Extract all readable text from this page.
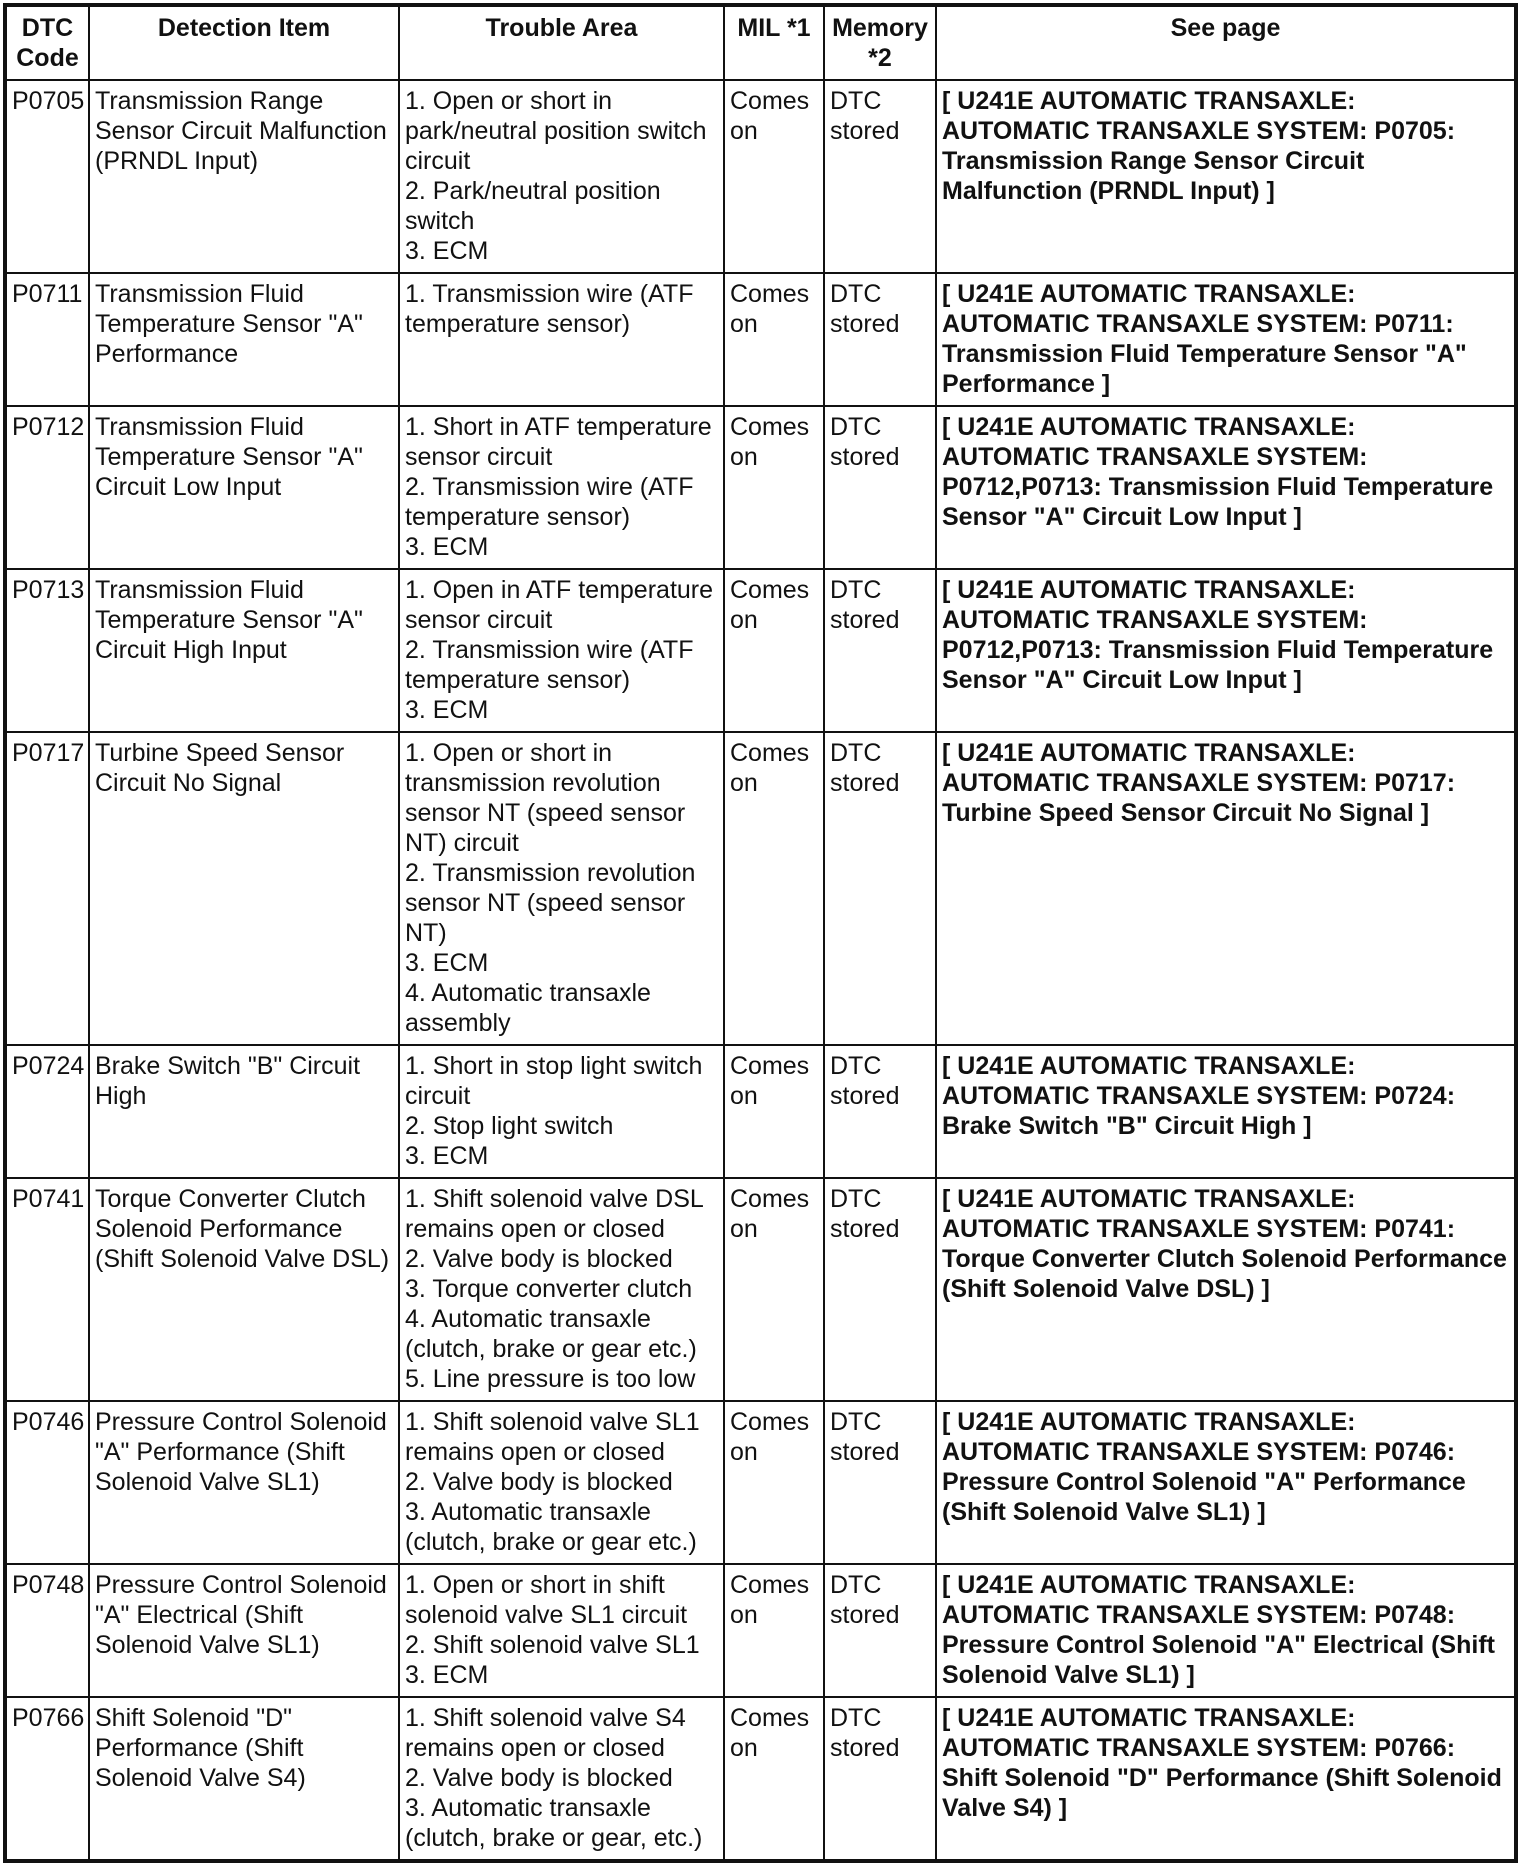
DTC
Code	Detection Item	Trouble Area	MIL *1	Memory
*2	See page
P0705	Transmission Range Sensor Circuit Malfunction (PRNDL Input)	1. Open or short in park/neutral position switch circuit
2. Park/neutral position switch
3. ECM	Comes on	DTC stored	[ U241E AUTOMATIC TRANSAXLE: AUTOMATIC TRANSAXLE SYSTEM: P0705: Transmission Range Sensor Circuit Malfunction (PRNDL Input) ]
P0711	Transmission Fluid Temperature Sensor "A" Performance	1. Transmission wire (ATF temperature sensor)	Comes on	DTC stored	[ U241E AUTOMATIC TRANSAXLE: AUTOMATIC TRANSAXLE SYSTEM: P0711: Transmission Fluid Temperature Sensor "A" Performance ]
P0712	Transmission Fluid Temperature Sensor "A" Circuit Low Input	1. Short in ATF temperature sensor circuit
2. Transmission wire (ATF temperature sensor)
3. ECM	Comes on	DTC stored	[ U241E AUTOMATIC TRANSAXLE: AUTOMATIC TRANSAXLE SYSTEM: P0712,P0713: Transmission Fluid Temperature Sensor "A" Circuit Low Input ]
P0713	Transmission Fluid Temperature Sensor "A" Circuit High Input	1. Open in ATF temperature sensor circuit
2. Transmission wire (ATF temperature sensor)
3. ECM	Comes on	DTC stored	[ U241E AUTOMATIC TRANSAXLE: AUTOMATIC TRANSAXLE SYSTEM: P0712,P0713: Transmission Fluid Temperature Sensor "A" Circuit Low Input ]
P0717	Turbine Speed Sensor Circuit No Signal	1. Open or short in transmission revolution sensor NT (speed sensor NT) circuit
2. Transmission revolution sensor NT (speed sensor NT)
3. ECM
4. Automatic transaxle assembly	Comes on	DTC stored	[ U241E AUTOMATIC TRANSAXLE: AUTOMATIC TRANSAXLE SYSTEM: P0717: Turbine Speed Sensor Circuit No Signal ]
P0724	Brake Switch "B" Circuit High	1. Short in stop light switch circuit
2. Stop light switch
3. ECM	Comes on	DTC stored	[ U241E AUTOMATIC TRANSAXLE: AUTOMATIC TRANSAXLE SYSTEM: P0724: Brake Switch "B" Circuit High ]
P0741	Torque Converter Clutch Solenoid Performance (Shift Solenoid Valve DSL)	1. Shift solenoid valve DSL remains open or closed
2. Valve body is blocked
3. Torque converter clutch
4. Automatic transaxle (clutch, brake or gear etc.)
5. Line pressure is too low	Comes on	DTC stored	[ U241E AUTOMATIC TRANSAXLE: AUTOMATIC TRANSAXLE SYSTEM: P0741: Torque Converter Clutch Solenoid Performance (Shift Solenoid Valve DSL) ]
P0746	Pressure Control Solenoid "A" Performance (Shift Solenoid Valve SL1)	1. Shift solenoid valve SL1 remains open or closed
2. Valve body is blocked
3. Automatic transaxle (clutch, brake or gear etc.)	Comes on	DTC stored	[ U241E AUTOMATIC TRANSAXLE: AUTOMATIC TRANSAXLE SYSTEM: P0746: Pressure Control Solenoid "A" Performance (Shift Solenoid Valve SL1) ]
P0748	Pressure Control Solenoid "A" Electrical (Shift Solenoid Valve SL1)	1. Open or short in shift solenoid valve SL1 circuit
2. Shift solenoid valve SL1
3. ECM	Comes on	DTC stored	[ U241E AUTOMATIC TRANSAXLE: AUTOMATIC TRANSAXLE SYSTEM: P0748: Pressure Control Solenoid "A" Electrical (Shift Solenoid Valve SL1) ]
P0766	Shift Solenoid "D" Performance (Shift Solenoid Valve S4)	1. Shift solenoid valve S4 remains open or closed
2. Valve body is blocked
3. Automatic transaxle (clutch, brake or gear, etc.)	Comes on	DTC stored	[ U241E AUTOMATIC TRANSAXLE: AUTOMATIC TRANSAXLE SYSTEM: P0766: Shift Solenoid "D" Performance (Shift Solenoid Valve S4) ]
